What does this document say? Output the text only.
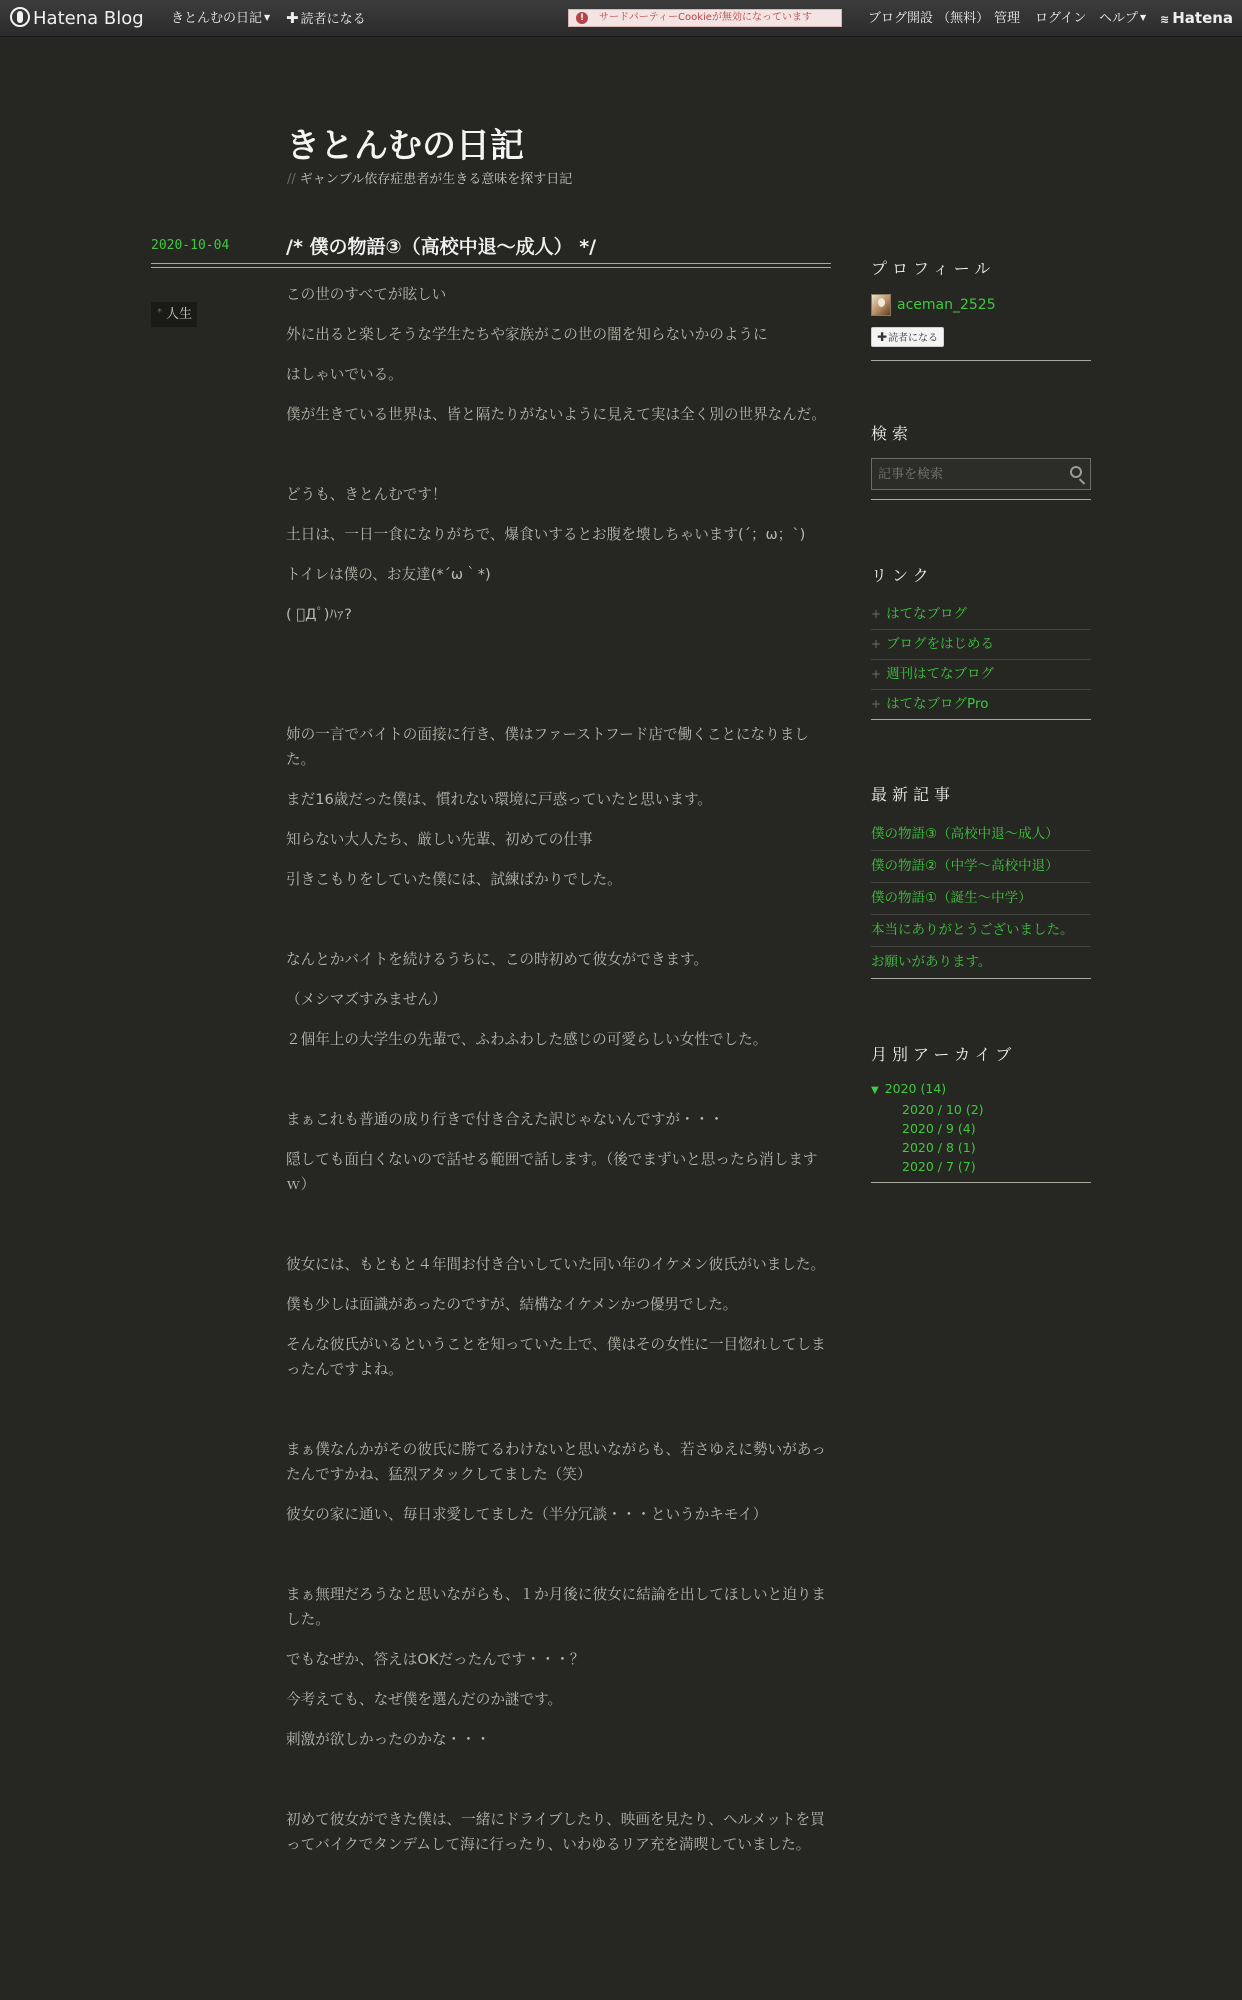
Hatena Blog きとんむの日記 ▼ ✚ 読者になる	!	サードパーティーCookieが無効になっています	ブログ開設 （無料） 管理 ログイン ヘルプ ▼ ≋ Hatena
きとんむの日記
// ギャンブル依存症患者が生きる意味を探す日記
2020-10-04	/* 僕の物語③（高校中退～成人） */
* 人生

この世のすべてが眩しい

外に出ると楽しそうな学生たちや家族がこの世の闇を知らないかのように

はしゃいでいる。

僕が生きている世界は、皆と隔たりがないように見えて実は全く別の世界なんだ。

どうも、きとんむです！

土日は、一日一食になりがちで、爆食いするとお腹を壊しちゃいます(´；ω；`)

トイレは僕の、お友達(*´ω｀*)

( ﾟДﾟ)ﾊｧ?

姉の一言でバイトの面接に行き、僕はファーストフード店で働くことになりました。

まだ16歳だった僕は、慣れない環境に戸惑っていたと思います。

知らない大人たち、厳しい先輩、初めての仕事

引きこもりをしていた僕には、試練ばかりでした。

なんとかバイトを続けるうちに、この時初めて彼女ができます。

（メシマズすみません）

２個年上の大学生の先輩で、ふわふわした感じの可愛らしい女性でした。

まぁこれも普通の成り行きで付き合えた訳じゃないんですが・・・

隠しても面白くないので話せる範囲で話します。（後でまずいと思ったら消しますｗ）

彼女には、もともと４年間お付き合いしていた同い年のイケメン彼氏がいました。

僕も少しは面識があったのですが、結構なイケメンかつ優男でした。

そんな彼氏がいるということを知っていた上で、僕はその女性に一目惚れしてしまったんですよね。

まぁ僕なんかがその彼氏に勝てるわけないと思いながらも、若さゆえに勢いがあったんですかね、猛烈アタックしてました（笑）

彼女の家に通い、毎日求愛してました（半分冗談・・・というかキモイ）

まぁ無理だろうなと思いながらも、１か月後に彼女に結論を出してほしいと迫りました。

でもなぜか、答えはOKだったんです・・・？

今考えても、なぜ僕を選んだのか謎です。

刺激が欲しかったのかな・・・

初めて彼女ができた僕は、一緒にドライブしたり、映画を見たり、ヘルメットを買ってバイクでタンデムして海に行ったり、いわゆるリア充を満喫していました。

プロフィール
aceman_2525
✚読者になる
検索
記事を検索
リンク
+ はてなブログ
+ ブログをはじめる
+ 週刊はてなブログ
+ はてなブログPro
最新記事
僕の物語③（高校中退～成人）
僕の物語②（中学～高校中退）
僕の物語①（誕生～中学）
本当にありがとうございました。
お願いがあります。
月別アーカイブ
▼ 2020 (14)
2020 / 10 (2)
2020 / 9 (4)
2020 / 8 (1)
2020 / 7 (7)
